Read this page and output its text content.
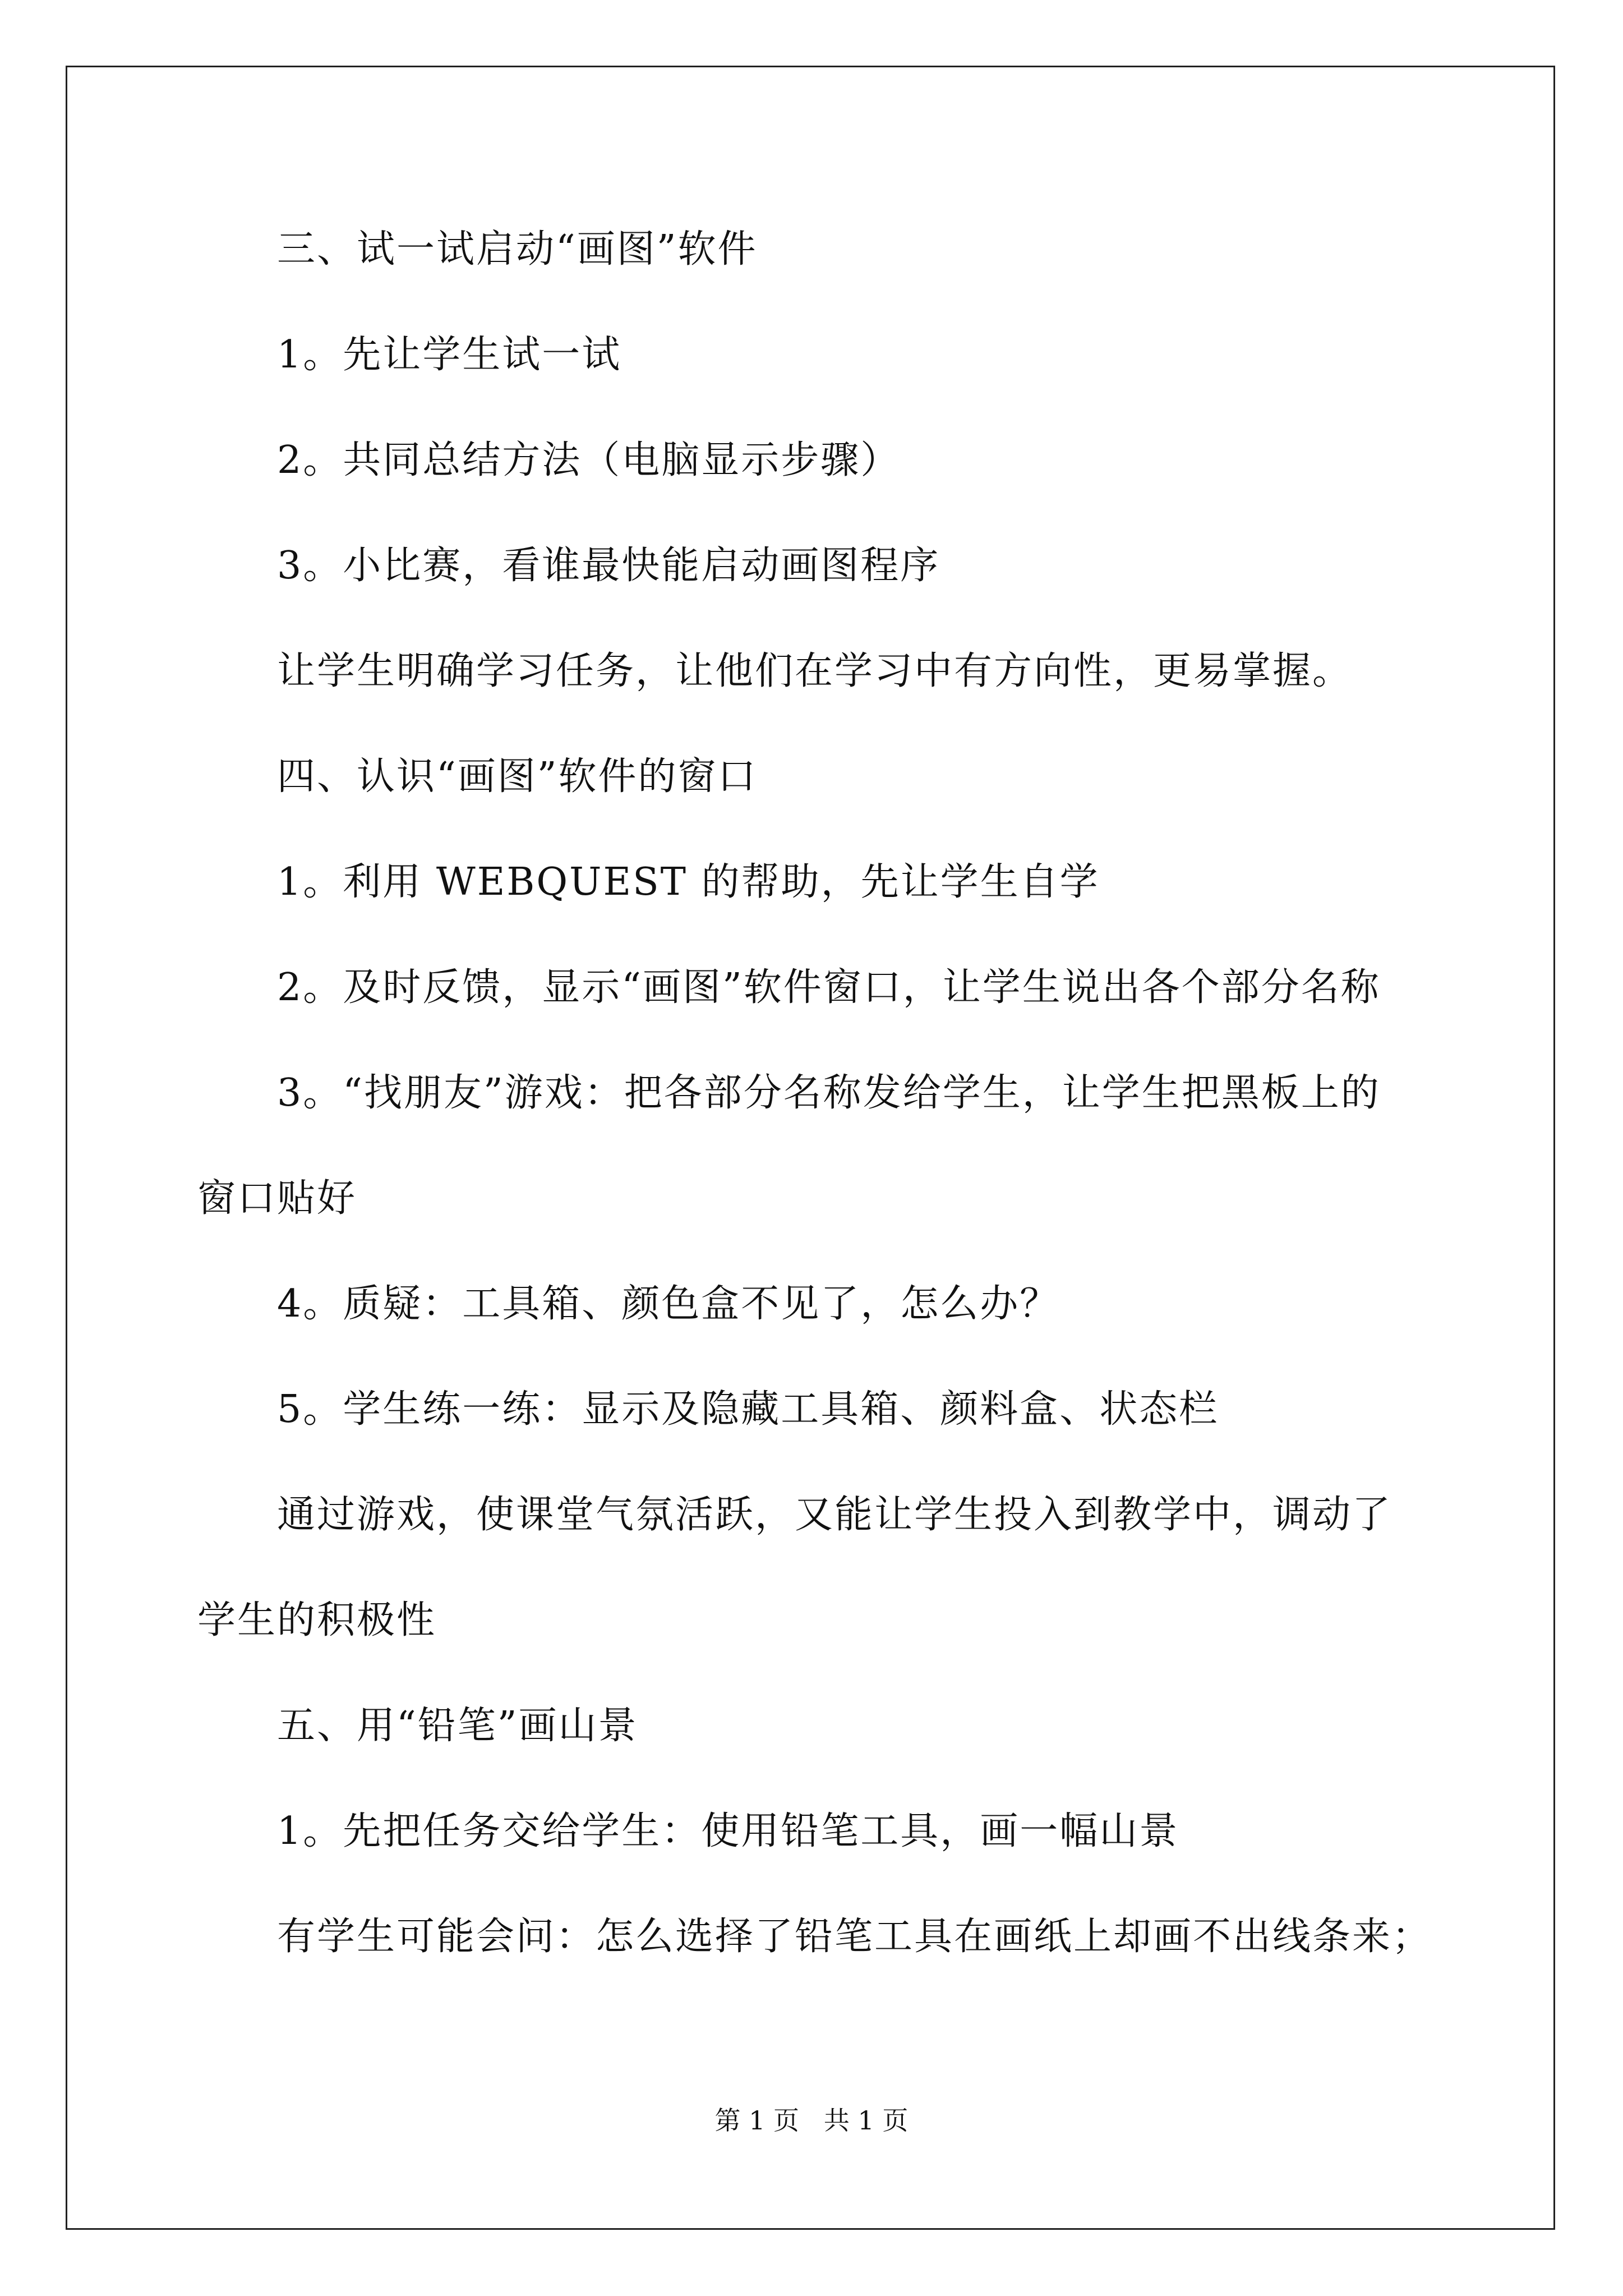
三、试一试启动“画图”软件
1。先让学生试一试
2。共同总结方法（电脑显示步骤）
3。小比赛，看谁最快能启动画图程序
让学生明确学习任务，让他们在学习中有方向性，更易掌握。
四、认识“画图”软件的窗口
1。利用 WEBQUEST 的帮助，先让学生自学
2。及时反馈，显示“画图”软件窗口，让学生说出各个部分名称
3。“找朋友”游戏：把各部分名称发给学生，让学生把黑板上的
窗口贴好
4。质疑：工具箱、颜色盒不见了，怎么办？
5。学生练一练：显示及隐藏工具箱、颜料盒、状态栏
通过游戏，使课堂气氛活跃，又能让学生投入到教学中，调动了
学生的积极性
五、用“铅笔”画山景
1。先把任务交给学生：使用铅笔工具，画一幅山景
有学生可能会问：怎么选择了铅笔工具在画纸上却画不出线条来；
第 1 页   共 1 页
